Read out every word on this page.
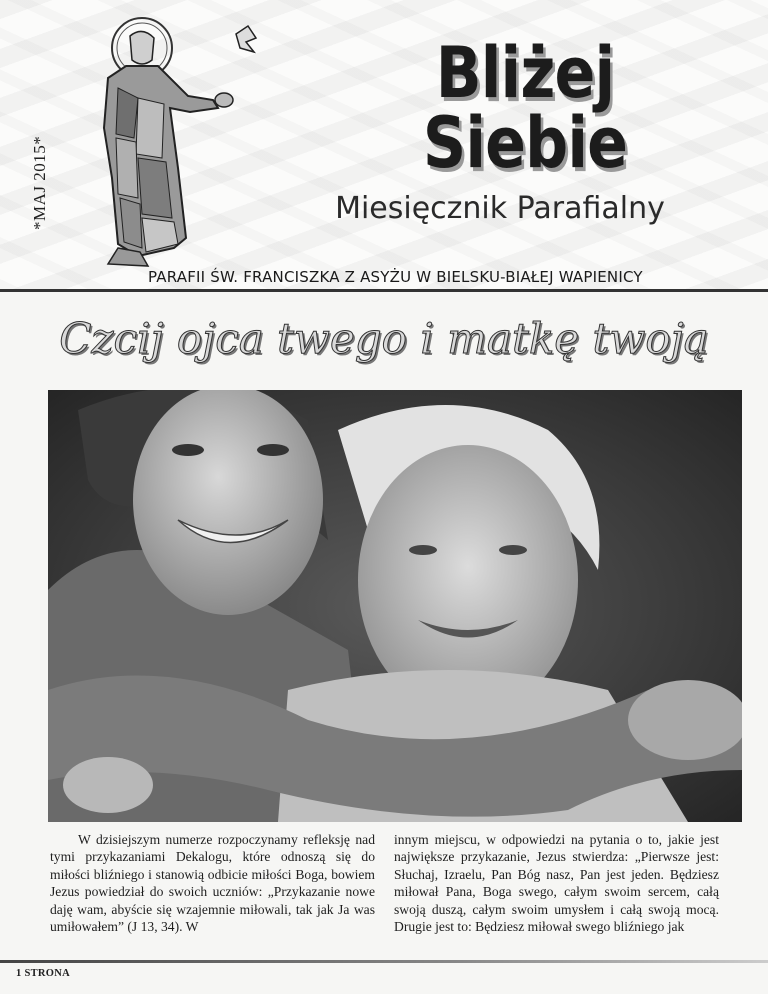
*MAJ 2015*
Bliżej Siebie
Miesięcznik Parafialny
PARAFII ŚW. FRANCISZKA Z ASYŻU W BIELSKU-BIAŁEJ WAPIENICY
Czcij ojca twego i matkę twoją
W dzisiejszym numerze rozpoczynamy refleksję nad tymi przykazaniami Dekalogu, które odnoszą się do miłości bliźniego i stanowią odbicie miłości Boga, bowiem Jezus powiedział do swoich uczniów: „Przykazanie nowe daję wam, abyście się wzajemnie miłowali, tak jak Ja was umiłowałem” (J 13, 34). W
innym miejscu, w odpowiedzi na pytania o to, jakie jest największe przykazanie, Jezus stwierdza: „Pierwsze jest: Słuchaj, Izraelu, Pan Bóg nasz, Pan jest jeden. Będziesz miłował Pana, Boga swego, całym swoim sercem, całą swoją duszą, całym swoim umysłem i całą swoją mocą. Drugie jest to: Będziesz miłował swego bliźniego jak
1 STRONA
